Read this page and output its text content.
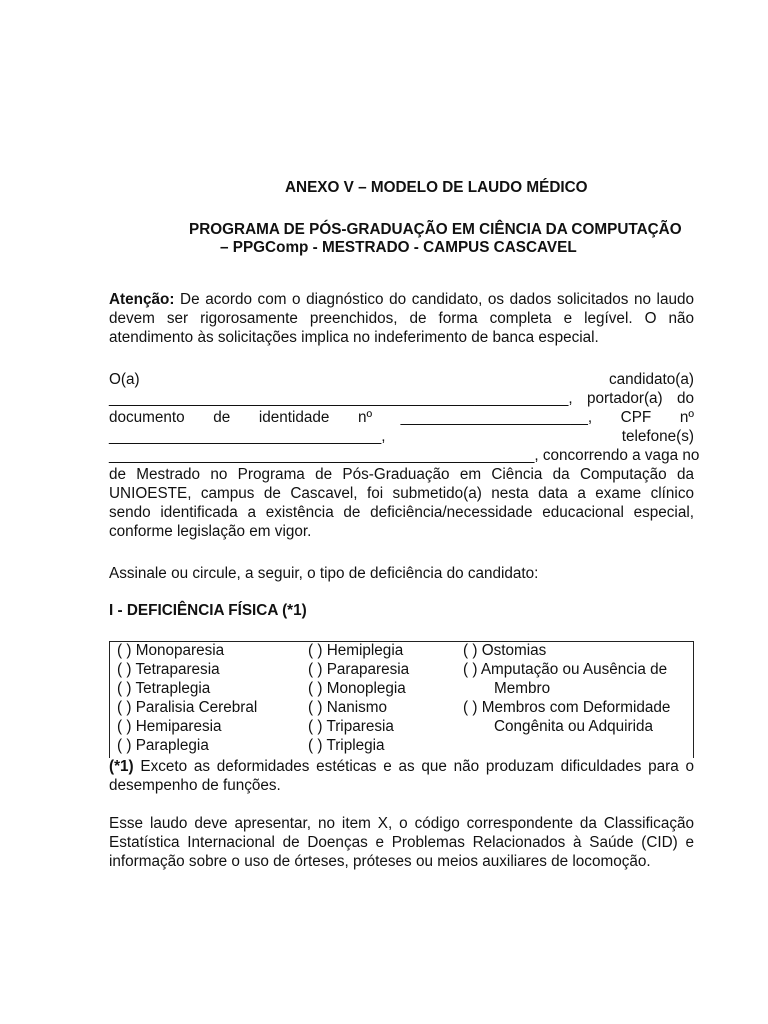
ANEXO V – MODELO DE LAUDO MÉDICO
PROGRAMA DE PÓS-GRADUAÇÃO EM CIÊNCIA DA COMPUTAÇÃO
– PPGComp - MESTRADO - CAMPUS CASCAVEL
Atenção: De acordo com o diagnóstico do candidato, os dados solicitados no laudo
devem ser rigorosamente preenchidos, de forma completa e legível. O não
atendimento às solicitações implica no indeferimento de banca especial.
O(a)	candidato(a)
______________________________________________________, portador(a) do
documento de identidade nº ______________________, CPF nº
________________________________,	telefone(s)
__________________________________________________, concorrendo a vaga no
de Mestrado no Programa de Pós-Graduação em Ciência da Computação da
UNIOESTE, campus de Cascavel, foi submetido(a) nesta data a exame clínico
sendo identificada a existência de deficiência/necessidade educacional especial,
conforme legislação em vigor.
Assinale ou circule, a seguir, o tipo de deficiência do candidato:
I - DEFICIÊNCIA FÍSICA (*1)
( ) Monoparesia
( ) Tetraparesia
( ) Tetraplegia
( ) Paralisia Cerebral
( ) Hemiparesia
( ) Paraplegia
( ) Hemiplegia
( ) Paraparesia
( ) Monoplegia
( ) Nanismo
( ) Triparesia
( ) Triplegia
( ) Ostomias
( ) Amputação ou Ausência de
Membro
( ) Membros com Deformidade
Congênita ou Adquirida
(*1) Exceto as deformidades estéticas e as que não produzam dificuldades para o
desempenho de funções.
Esse laudo deve apresentar, no item X, o código correspondente da Classificação
Estatística Internacional de Doenças e Problemas Relacionados à Saúde (CID) e
informação sobre o uso de órteses, próteses ou meios auxiliares de locomoção.
